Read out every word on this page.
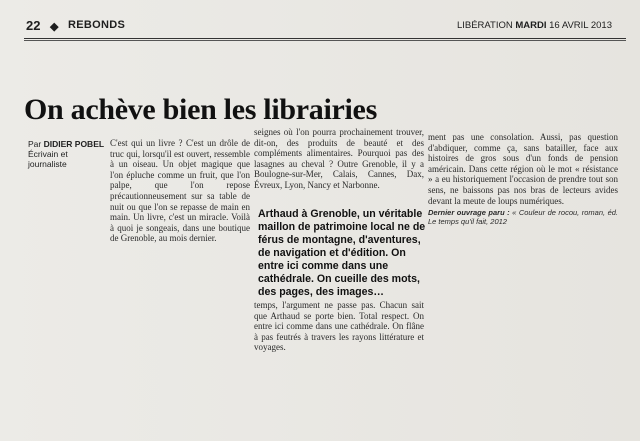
22 ◆ REBONDS	LIBÉRATION MARDI 16 AVRIL 2013
On achève bien les librairies
Par DIDIER POBEL Écrivain et journaliste

C'est qui un livre ? C'est un drôle de truc qui, lorsqu'il est ouvert, ressemble à un oiseau. Un objet magique que l'on épluche comme un fruit, que l'on palpe, que l'on repose précautionneusement sur sa table de nuit ou que l'on se repasse de main en main. Un livre, c'est un miracle. Voilà à quoi je songeais, dans une boutique de Grenoble, au mois dernier.

seignes où l'on pourra prochainement trouver, dit-on, des produits de beauté et des compléments alimentaires. Pourquoi pas des lasagnes au cheval ? Outre Grenoble, il y a Boulogne-sur-Mer, Calais, Cannes, Dax, Évreux, Lyon, Nancy et Narbonne.

Arthaud à Grenoble, un véritable maillon de patrimoine local ne de férus de montagne, d'aventures, de navigation et d'édition. On entre ici comme dans une cathédrale. On cueille des mots, des pages, des images…

temps, l'argument ne passe pas. Chacun sait que Arthaud se porte bien. Total respect. On entre ici comme dans une cathédrale. On flâne à pas feutrés à travers les rayons littérature et voyages.

ment pas une consolation. Aussi, pas question d'abdiquer, comme ça, sans batailler, face aux histoires de gros sous d'un fonds de pension américain. Dans cette région où le mot « résistance » a eu historiquement l'occasion de prendre tout son sens, ne baissons pas nos bras de lecteurs avides devant la meute de loups numériques.

Dernier ouvrage paru : « Couleur de rocou, roman, éd. Le temps qu'il fait, 2012
